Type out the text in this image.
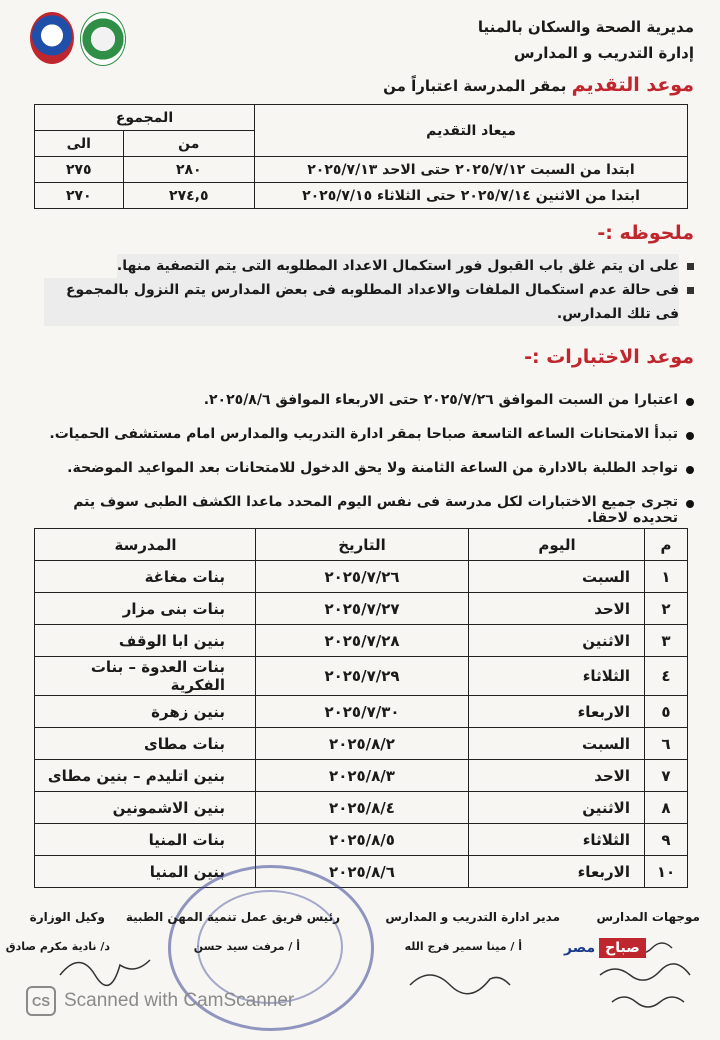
مديرية الصحة والسكان بالمنيا
إدارة التدريب و المدارس
موعد التقديم بمقر المدرسة اعتباراً من
ميعاد التقديم	المجموع	
	من	الى
ابتدا من السبت ٢٠٢٥/٧/١٢ حتى الاحد ٢٠٢٥/٧/١٣	٢٨٠	٢٧٥
ابتدا من الاثنين ٢٠٢٥/٧/١٤ حتى الثلاثاء ٢٠٢٥/٧/١٥	٢٧٤,٥	٢٧٠
ملحوظه :-
على ان يتم غلق باب القبول فور استكمال الاعداد المطلوبه التى يتم التصفية منها.
فى حالة عدم استكمال الملفات والاعداد المطلوبه فى بعض المدارس يتم النزول بالمجموع فى تلك المدارس.
موعد الاختبارات :-
اعتبارا من السبت الموافق ٢٠٢٥/٧/٢٦ حتى الاربعاء الموافق ٢٠٢٥/٨/٦.
تبدأ الامتحانات الساعه التاسعة صباحا بمقر ادارة التدريب والمدارس امام مستشفى الحميات.
تواجد الطلبة بالادارة من الساعة الثامنة ولا يحق الدخول للامتحانات بعد المواعيد الموضحة.
تجرى جميع الاختبارات لكل مدرسة فى نفس اليوم المحدد ماعدا الكشف الطبى سوف يتم تحديده لاحقا.
م	اليوم	التاريخ	المدرسة
١	السبت	٢٠٢٥/٧/٢٦	بنات مغاغة
٢	الاحد	٢٠٢٥/٧/٢٧	بنات بنى مزار
٣	الاثنين	٢٠٢٥/٧/٢٨	بنين ابا الوقف
٤	الثلاثاء	٢٠٢٥/٧/٢٩	بنات العدوة – بنات الفكرية
٥	الاربعاء	٢٠٢٥/٧/٣٠	بنين زهرة
٦	السبت	٢٠٢٥/٨/٢	بنات مطاى
٧	الاحد	٢٠٢٥/٨/٣	بنين اتليدم – بنين مطاى
٨	الاثنين	٢٠٢٥/٨/٤	بنين الاشمونين
٩	الثلاثاء	٢٠٢٥/٨/٥	بنات المنيا
١٠	الاربعاء	٢٠٢٥/٨/٦	بنين المنيا
موجهات المدارس
مدير ادارة التدريب و المدارس
رئيس فريق عمل تنمية المهن الطبية
وكيل الوزارة
أ / مينا سمير فرج الله
أ / مرفت سيد حسن
د/ نادية مكرم صادق	مصر صباح
CS Scanned with CamScanner
